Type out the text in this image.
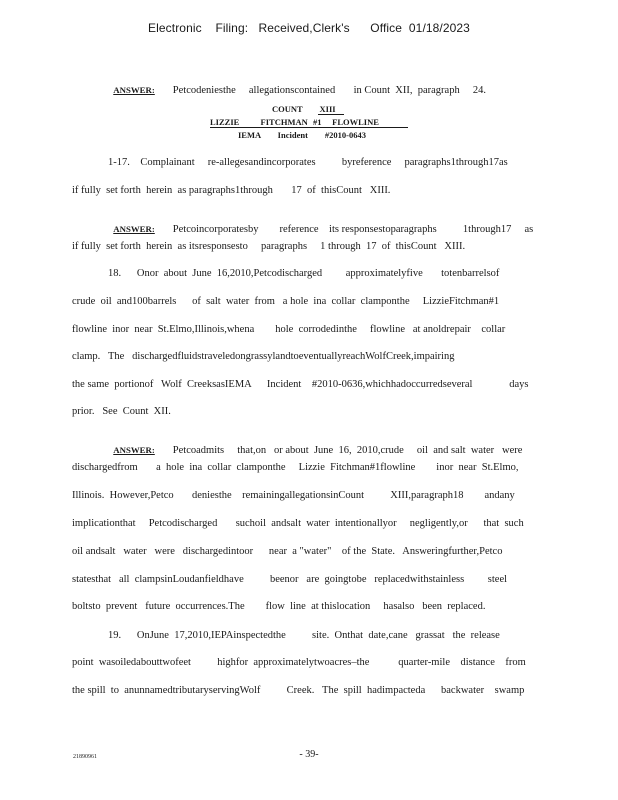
Electronic    Filing:   Received,Clerk's      Office  01/18/2023

ANSWER: Petcodeniesthe     allegationscontained       in Count  XII,  paragraph     24.

COUNT        XIII
LIZZIE          FITCHMAN #1     FLOWLINE
IEMA        Incident        #2010-0643
1-17.    Complainant     re-allegesandincorporates          byreference     paragraphs1through17as
if fully  set forth  herein  as paragraphs1through       17  of  thisCount   XIII.

ANSWER: Petcoincorporatesby        reference    its responsestoparagraphs          1through17     as

if fully  set forth  herein  as itsresponsesto     paragraphs     1 through  17  of  thisCount   XIII.
18.      Onor  about  June  16,2010,Petcodischarged         approximatelyfive       totenbarrelsof
crude  oil  and100barrels      of  salt  water  from   a hole  ina  collar  clamponthe     LizzieFitchman#1
flowline  inor  near  St.Elmo,Illinois,whena        hole  corrodedinthe     flowline   at anoldrepair    collar
clamp.   The   dischargedfluidstraveledongrassylandtoeventuallyreachWolfCreek,impairing
the same  portionof   Wolf  CreeksasIEMA      Incident    #2010-0636,whichhadoccurredseveral              days
prior.   See  Count  XII.

ANSWER: Petcoadmits     that,on   or about  June  16,  2010,crude     oil  and salt  water   were

dischargedfrom       a  hole  ina  collar  clamponthe     Lizzie  Fitchman#1flowline        inor  near  St.Elmo,
Illinois.  However,Petco       deniesthe    remainingallegationsinCount          XIII,paragraph18        andany
implicationthat     Petcodischarged       suchoil  andsalt  water  intentionallyor     negligently,or      that  such
oil andsalt   water   were   dischargedintoor      near  a "water"    of the  State.   Answeringfurther,Petco
statesthat   all  clampsinLoudanfieldhave          beenor   are  goingtobe   replacedwithstainless         steel
boltsto  prevent   future  occurrences.The        flow  line  at thislocation     hasalso   been  replaced.
19.      OnJune  17,2010,IEPAinspectedthe          site.  Onthat  date,cane   grassat   the  release
point  wasoiledabouttwofeet          highfor  approximatelytwoacres–the           quarter-mile    distance    from
the spill  to  anunnamedtributaryservingWolf          Creek.   The  spill  hadimpacteda      backwater    swamp
21890961	- 39-
